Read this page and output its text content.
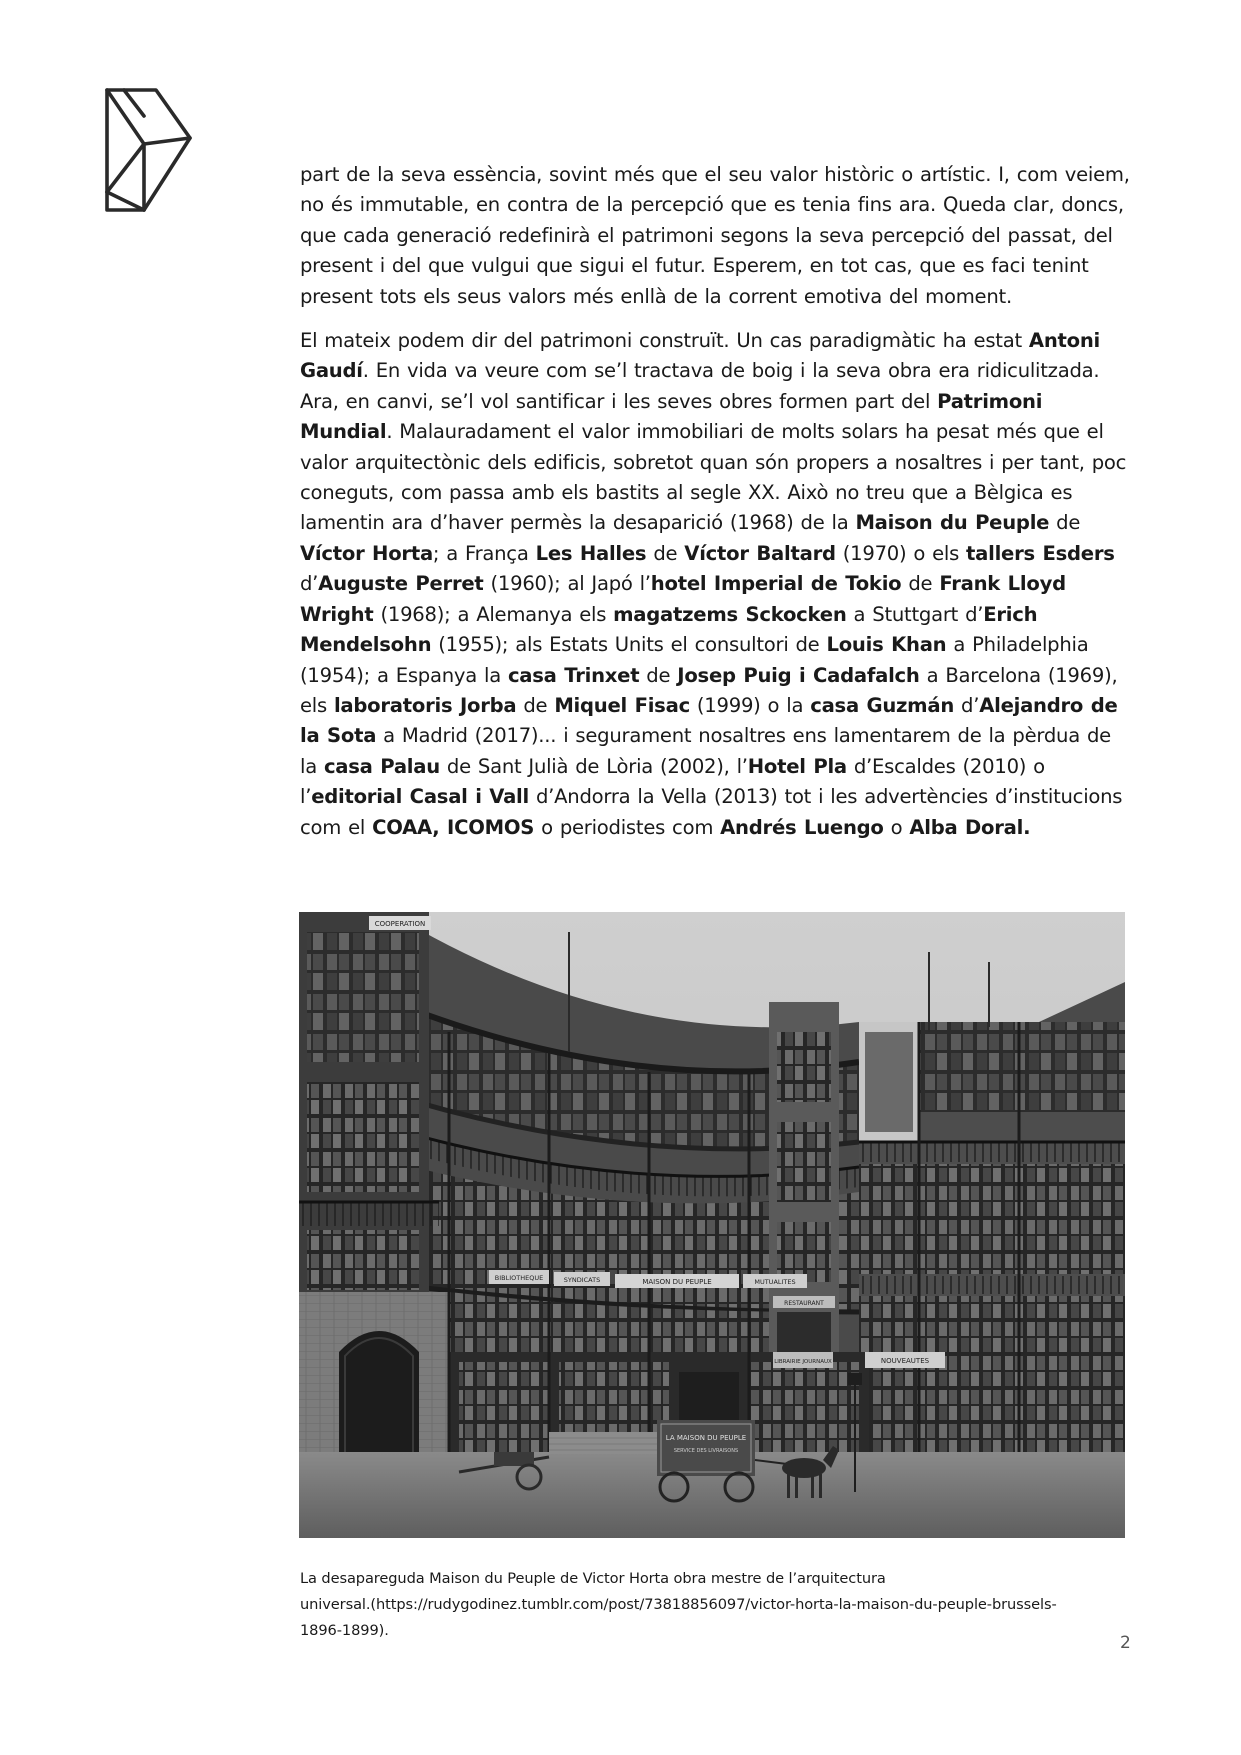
part de la seva essència, sovint més que el seu valor històric o artístic. I, com veiem, no és immutable, en contra de la percepció que es tenia fins ara. Queda clar, doncs, que cada generació redefinirà el patrimoni segons la seva percepció del passat, del present i del que vulgui que sigui el futur. Esperem, en tot cas, que es faci tenint present tots els seus valors més enllà de la corrent emotiva del moment.

El mateix podem dir del patrimoni construït. Un cas paradigmàtic ha estat Antoni Gaudí. En vida va veure com se’l tractava de boig i la seva obra era ridiculitzada. Ara, en canvi, se’l vol santificar i les seves obres formen part del Patrimoni Mundial. Malauradament el valor immobiliari de molts solars ha pesat més que el valor arquitectònic dels edificis, sobretot quan són propers a nosaltres i per tant, poc coneguts, com passa amb els bastits al segle XX. Això no treu que a Bèlgica es lamentin ara d’haver permès la desaparició (1968) de la Maison du Peuple de Víctor Horta; a França Les Halles de Víctor Baltard (1970) o els tallers Esders d’Auguste Perret (1960); al Japó l’hotel Imperial de Tokio de Frank Lloyd Wright (1968); a Alemanya els magatzems Sckocken a Stuttgart d’Erich Mendelsohn (1955); als Estats Units el consultori de Louis Khan a Philadelphia (1954); a Espanya la casa Trinxet de Josep Puig i Cadafalch a Barcelona (1969), els laboratoris Jorba de Miquel Fisac (1999) o la casa Guzmán d’Alejandro de la Sota a Madrid (2017)... i segurament nosaltres ens lamentarem de la pèrdua de la casa Palau de Sant Julià de Lòria (2002), l’Hotel Pla d’Escaldes (2010) o l’editorial Casal i Vall d’Andorra la Vella (2013) tot i les advertències d’institucions com el COAA, ICOMOS o periodistes com Andrés Luengo o Alba Doral.

COOPERATION
BIBLIOTHEQUE	SYNDICATS	MAISON DU PEUPLE	MUTUALITES
RESTAURANT
LIBRAIRIE JOURNAUX	NOUVEAUTES
LA MAISON DU PEUPLE
SERVICE DES LIVRAISONS
La desapareguda Maison du Peuple de Victor Horta obra mestre de l’arquitectura
universal.(https://rudygodinez.tumblr.com/post/73818856097/victor-horta-la-maison-du-peuple-brussels-
1896-1899).
2
